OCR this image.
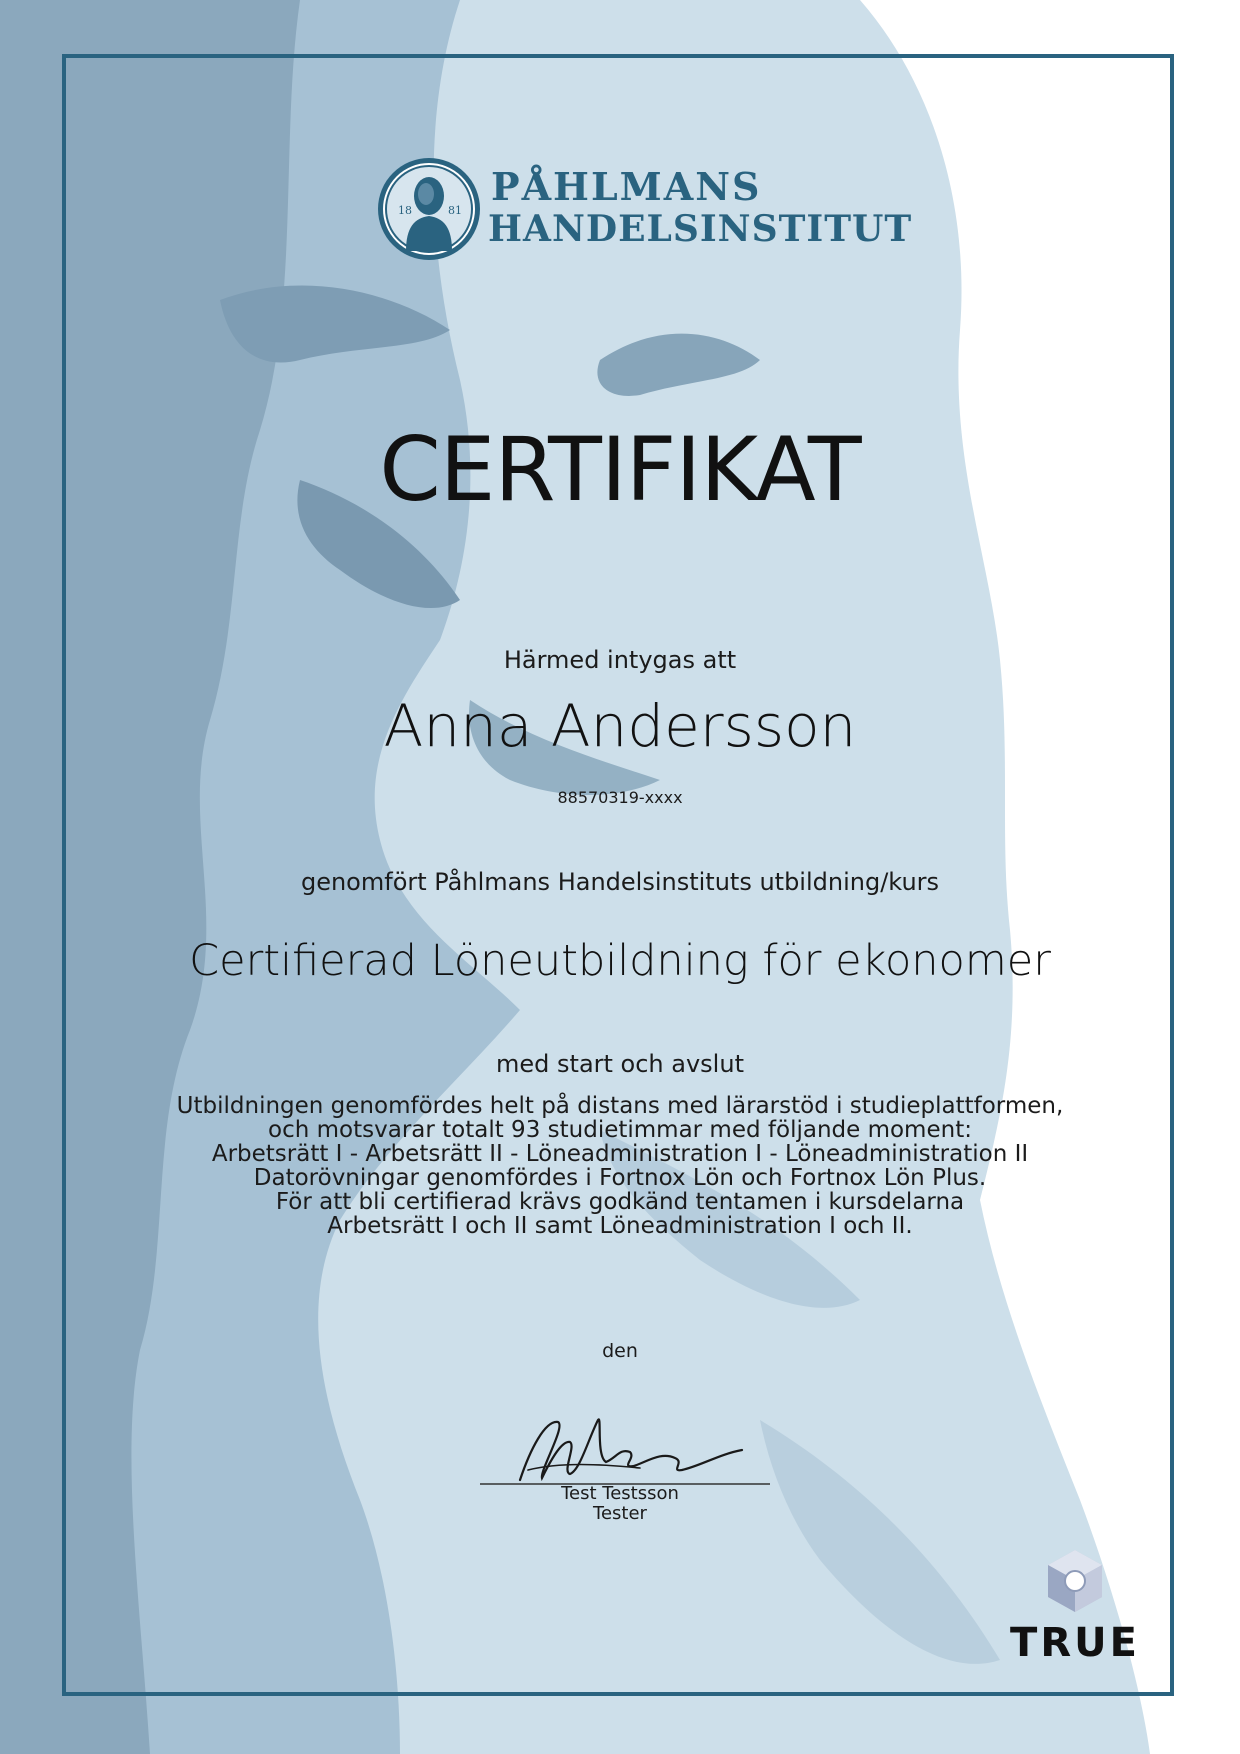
18	81
PÅHLMANS
HANDELSINSTITUT
CERTIFIKAT
Härmed intygas att
Anna Andersson
88570319-xxxx
genomfört Påhlmans Handelsinstituts utbildning/kurs
Certifierad Löneutbildning för ekonomer
med start och avslut
Utbildningen genomfördes helt på distans med lärarstöd i studieplattformen,
och motsvarar totalt 93 studietimmar med följande moment:
Arbetsrätt I - Arbetsrätt II - Löneadministration I - Löneadministration II
Datorövningar genomfördes i Fortnox Lön och Fortnox Lön Plus.
För att bli certifierad krävs godkänd tentamen i kursdelarna
Arbetsrätt I och II samt Löneadministration I och II.
den
Test Testsson
Tester
TRUE
